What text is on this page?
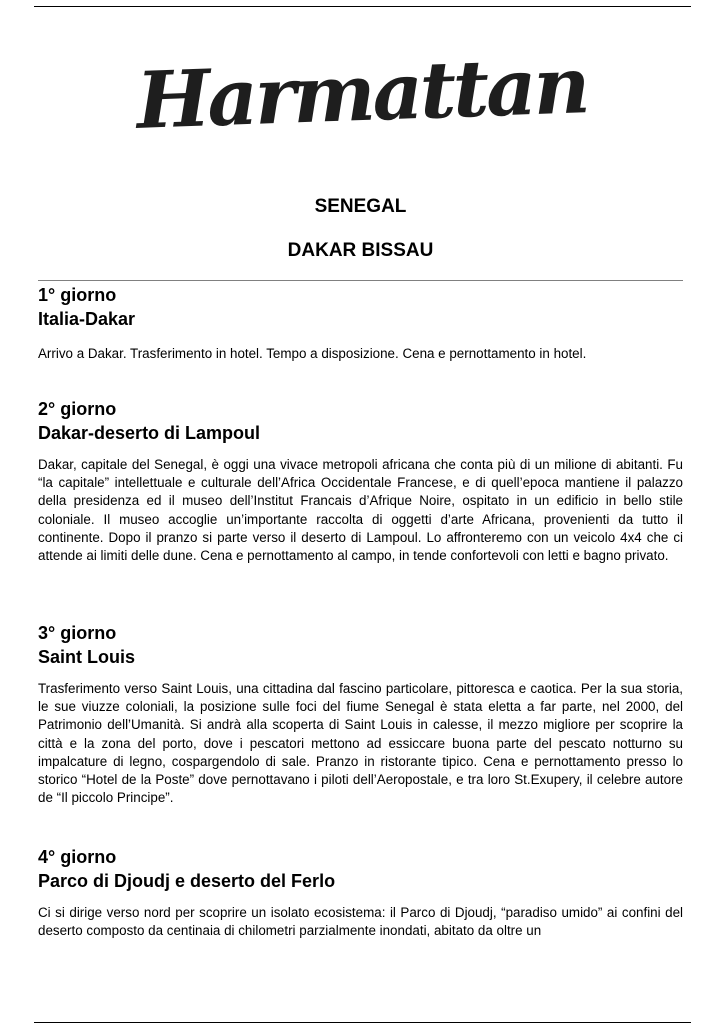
Harmattan
SENEGAL
DAKAR BISSAU
1° giorno
Italia-Dakar

Arrivo a Dakar. Trasferimento in hotel. Tempo a disposizione. Cena e pernottamento in hotel.

2° giorno
Dakar-deserto di Lampoul

Dakar, capitale del Senegal, è oggi una vivace metropoli africana che conta più di un milione di abitanti. Fu “la capitale” intellettuale e culturale dell’Africa Occidentale Francese, e di quell’epoca mantiene il palazzo della presidenza ed il museo dell’Institut Francais d’Afrique Noire, ospitato in un edificio in bello stile coloniale. Il museo accoglie un’importante raccolta di oggetti d’arte Africana, provenienti da tutto il continente. Dopo il pranzo si parte verso il deserto di Lampoul. Lo affronteremo con un veicolo 4x4 che ci attende ai limiti delle dune. Cena e pernottamento al campo, in tende confortevoli con letti e bagno privato.

3° giorno
Saint Louis

Trasferimento verso Saint Louis, una cittadina dal fascino particolare, pittoresca e caotica. Per la sua storia, le sue viuzze coloniali, la posizione sulle foci del fiume Senegal è stata eletta a far parte, nel 2000, del Patrimonio dell’Umanità. Si andrà alla scoperta di Saint Louis in calesse, il mezzo migliore per scoprire la città e la zona del porto, dove i pescatori mettono ad essiccare buona parte del pescato notturno su impalcature di legno, cospargendolo di sale. Pranzo in ristorante tipico. Cena e pernottamento presso lo storico “Hotel de la Poste” dove pernottavano i piloti dell’Aeropostale, e tra loro St.Exupery, il celebre autore de “Il piccolo Principe”.

4° giorno
Parco di Djoudj e deserto del Ferlo

Ci si dirige verso nord per scoprire un isolato ecosistema: il Parco di Djoudj, “paradiso umido” ai confini del deserto composto da centinaia di chilometri parzialmente inondati, abitato da oltre un
